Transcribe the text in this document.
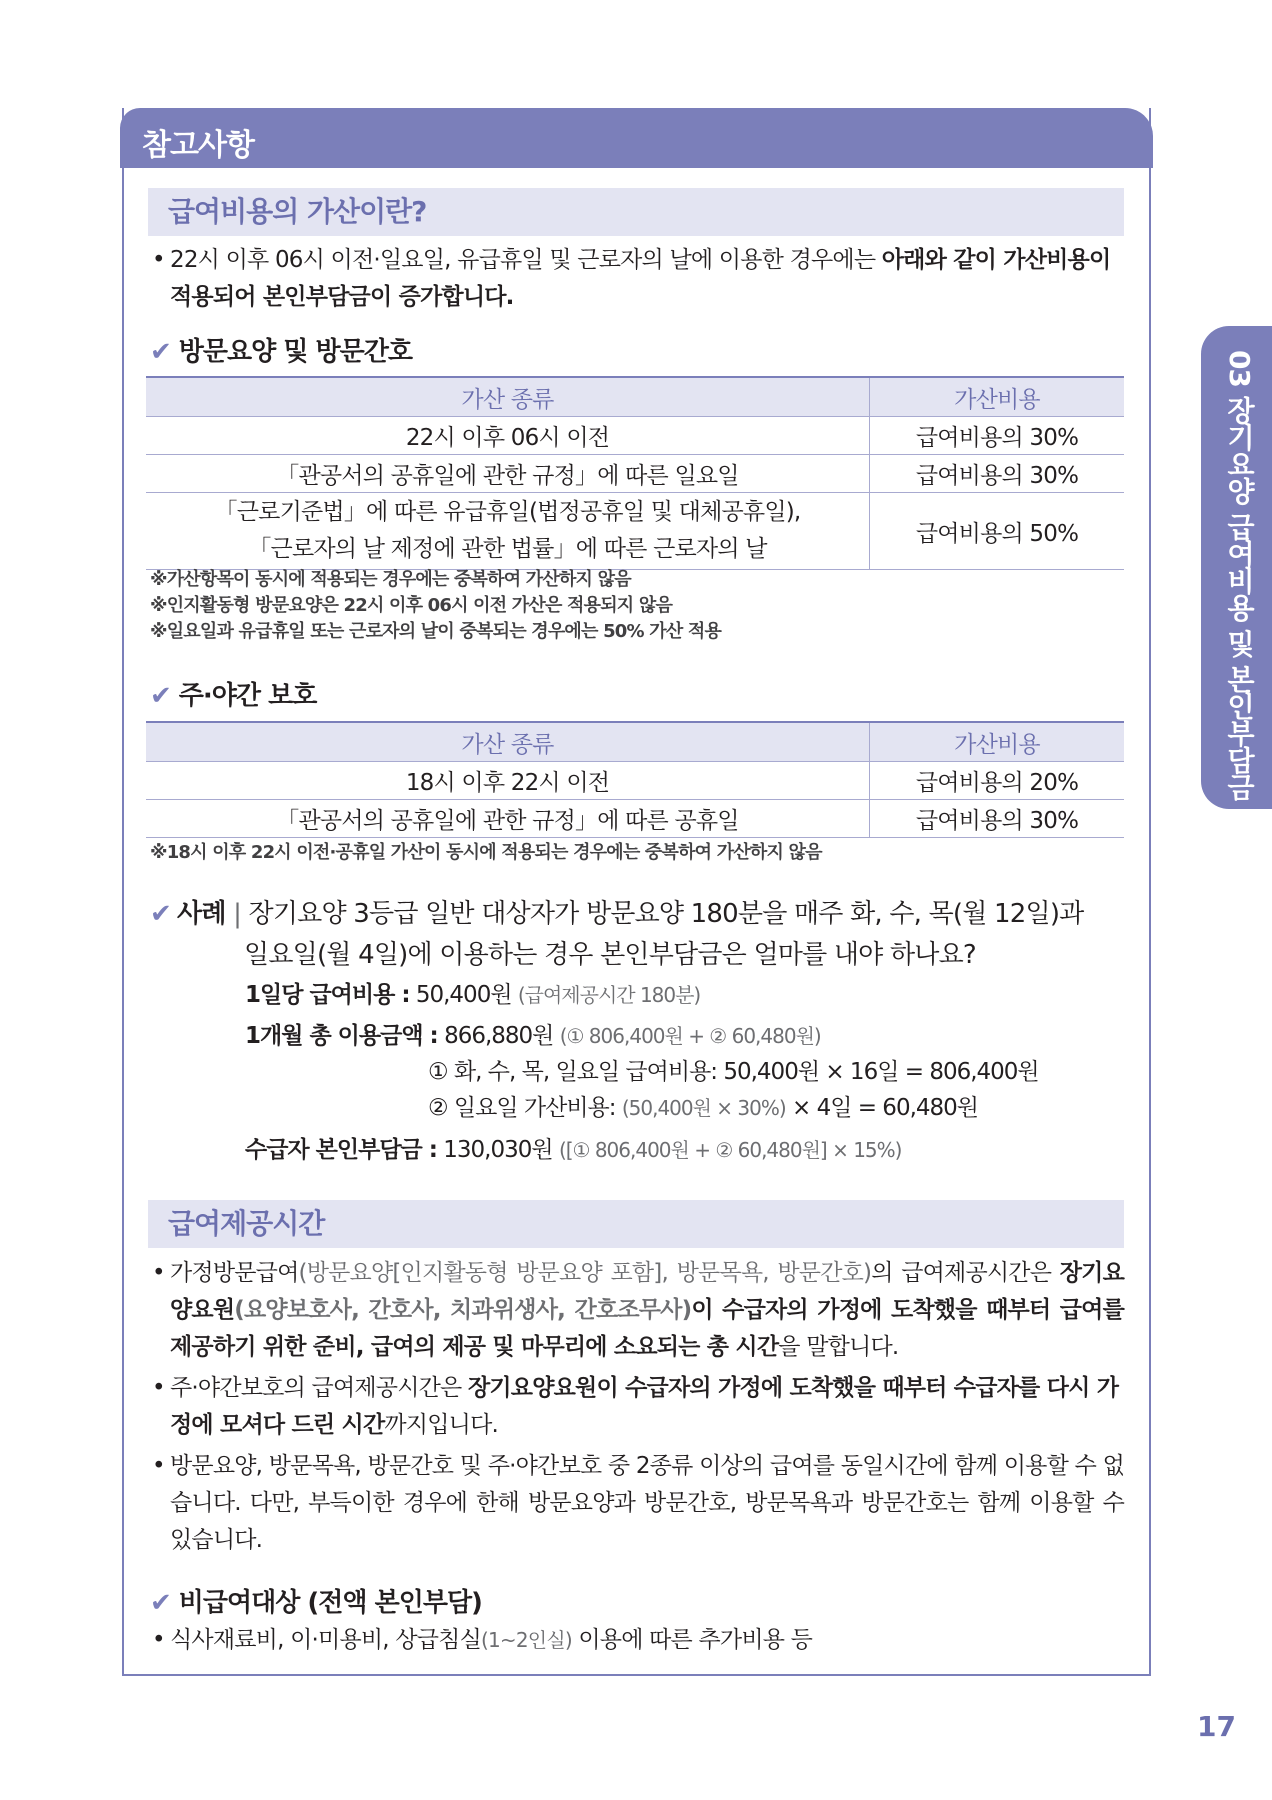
03 장기요양 급여비용 및 본인부담금
참고사항
급여비용의 가산이란?
• 22시 이후 06시 이전·일요일, 유급휴일 및 근로자의 날에 이용한 경우에는 아래와 같이 가산비용이 적용되어 본인부담금이 증가합니다.
✔ 방문요양 및 방문간호
가산 종류	가산비용
22시 이후 06시 이전	급여비용의 30%
「관공서의 공휴일에 관한 규정」에 따른 일요일	급여비용의 30%

「근로기준법」에 따른 유급휴일(법정공휴일 및 대체공휴일),
「근로자의 날 제정에 관한 법률」에 따른 근로자의 날	급여비용의 50%
※가산항목이 동시에 적용되는 경우에는 중복하여 가산하지 않음
※인지활동형 방문요양은 22시 이후 06시 이전 가산은 적용되지 않음
※일요일과 유급휴일 또는 근로자의 날이 중복되는 경우에는 50% 가산 적용
✔ 주·야간 보호
가산 종류	가산비용
18시 이후 22시 이전	급여비용의 20%
「관공서의 공휴일에 관한 규정」에 따른 공휴일	급여비용의 30%
※18시 이후 22시 이전·공휴일 가산이 동시에 적용되는 경우에는 중복하여 가산하지 않음
✔ 사례 | 장기요양 3등급 일반 대상자가 방문요양 180분을 매주 화, 수, 목(월 12일)과
일요일(월 4일)에 이용하는 경우 본인부담금은 얼마를 내야 하나요?
1일당 급여비용 : 50,400원 (급여제공시간 180분)
1개월 총 이용금액 : 866,880원 (① 806,400원 + ② 60,480원)
① 화, 수, 목, 일요일 급여비용: 50,400원 × 16일 = 806,400원
② 일요일 가산비용: (50,400원 × 30%) × 4일 = 60,480원
수급자 본인부담금 : 130,030원 ([① 806,400원 + ② 60,480원] × 15%)
급여제공시간
• 가정방문급여(방문요양[인지활동형 방문요양 포함], 방문목욕, 방문간호)의 급여제공시간은 장기요양요원(요양보호사, 간호사, 치과위생사, 간호조무사)이 수급자의 가정에 도착했을 때부터 급여를 제공하기 위한 준비, 급여의 제공 및 마무리에 소요되는 총 시간을 말합니다.
• 주·야간보호의 급여제공시간은 장기요양요원이 수급자의 가정에 도착했을 때부터 수급자를 다시 가정에 모셔다 드린 시간까지입니다.
• 방문요양, 방문목욕, 방문간호 및 주·야간보호 중 2종류 이상의 급여를 동일시간에 함께 이용할 수 없습니다. 다만, 부득이한 경우에 한해 방문요양과 방문간호, 방문목욕과 방문간호는 함께 이용할 수 있습니다.
✔ 비급여대상 (전액 본인부담)
• 식사재료비, 이·미용비, 상급침실(1~2인실) 이용에 따른 추가비용 등
17
